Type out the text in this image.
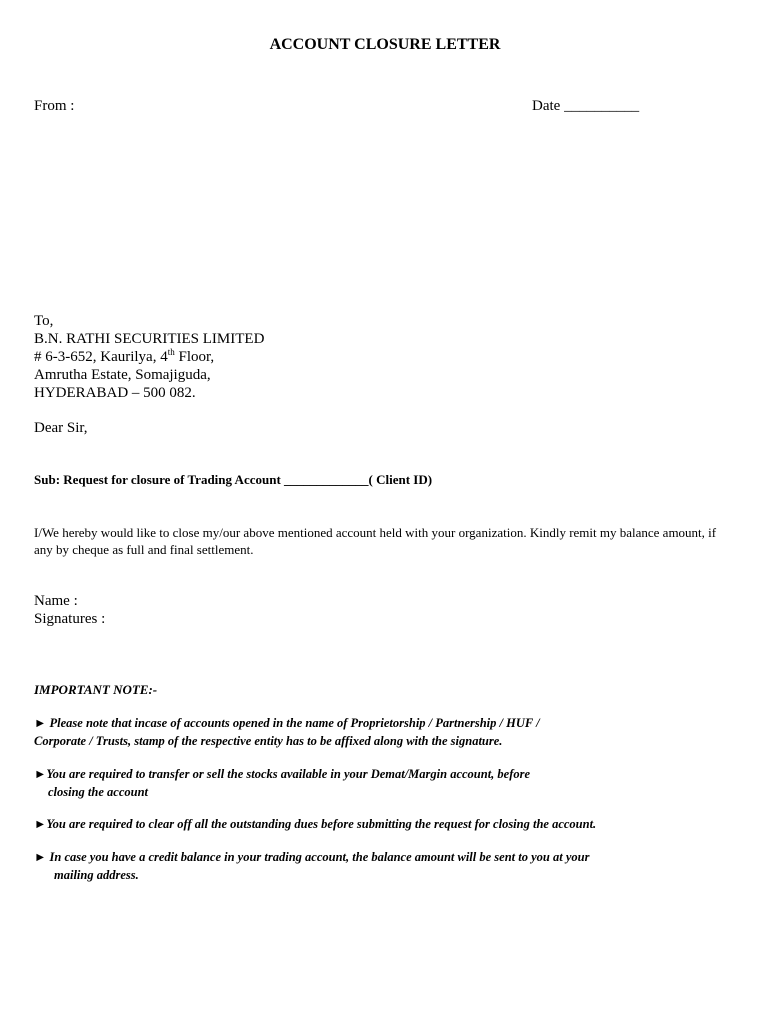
ACCOUNT CLOSURE LETTER
From :	Date __________
To,
B.N. RATHI SECURITIES LIMITED
# 6-3-652, Kaurilya, 4th Floor,
Amrutha Estate, Somajiguda,
HYDERABAD – 500 082.
Dear Sir,
Sub: Request for closure of Trading Account _____________( Client ID)
I/We hereby would like to close my/our above mentioned account held with your organization. Kindly remit my balance amount, if any by cheque as full and final settlement.
Name :
Signatures :
IMPORTANT NOTE:-
► Please note that incase of accounts opened in the name of Proprietorship / Partnership / HUF /
Corporate / Trusts, stamp of the respective entity has to be affixed along with the signature.
►You are required to transfer or sell the stocks available in your Demat/Margin account, before
closing the account
►You are required to clear off all the outstanding dues before submitting the request for closing the account.
► In case you have a credit balance in your trading account, the balance amount will be sent to you at your
mailing address.
